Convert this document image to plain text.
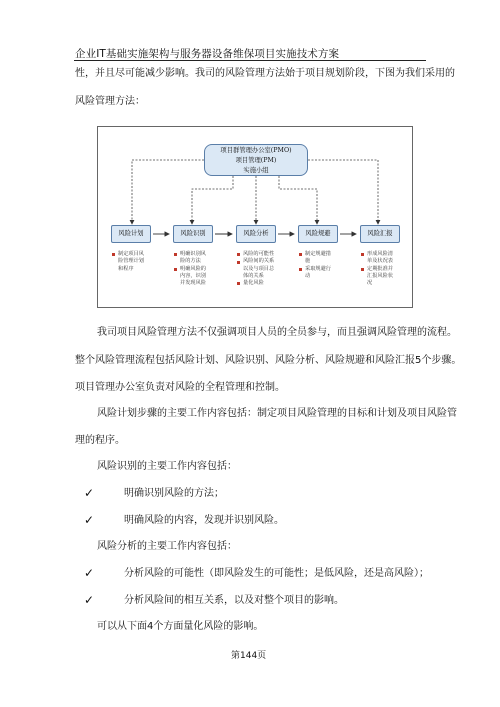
企业IT基础实施架构与服务器设备维保项目实施技术方案
性，并且尽可能减少影响。我司的风险管理方法始于项目规划阶段，下图为我们采用的
风险管理方法：
项目群管理办公室(PMO)
项目管理(PM)
实施小组
风险计划	风险识别	风险分析	风险规避	风险汇报
制定项目风
险管理计划
和程序
明确识别风
险的方法
明确风险的
内容，识别
并发现风险
风险的可能性
风险间的关系
以及与项目总
体的关系
量化风险
制定规避措
施
采取规避行
动
形成风险清
单及状况表
定期批准并
汇报风险状
况
我司项目风险管理方法不仅强调项目人员的全员参与，而且强调风险管理的流程。
整个风险管理流程包括风险计划、风险识别、风险分析、风险规避和风险汇报5个步骤。
项目管理办公室负责对风险的全程管理和控制。
风险计划步骤的主要工作内容包括：制定项目风险管理的目标和计划及项目风险管
理的程序。
风险识别的主要工作内容包括：
✓	明确识别风险的方法；
✓	明确风险的内容，发现并识别风险。
风险分析的主要工作内容包括：
✓	分析风险的可能性（即风险发生的可能性；是低风险，还是高风险）；
✓	分析风险间的相互关系，以及对整个项目的影响。
可以从下面4个方面量化风险的影响。
第144页
